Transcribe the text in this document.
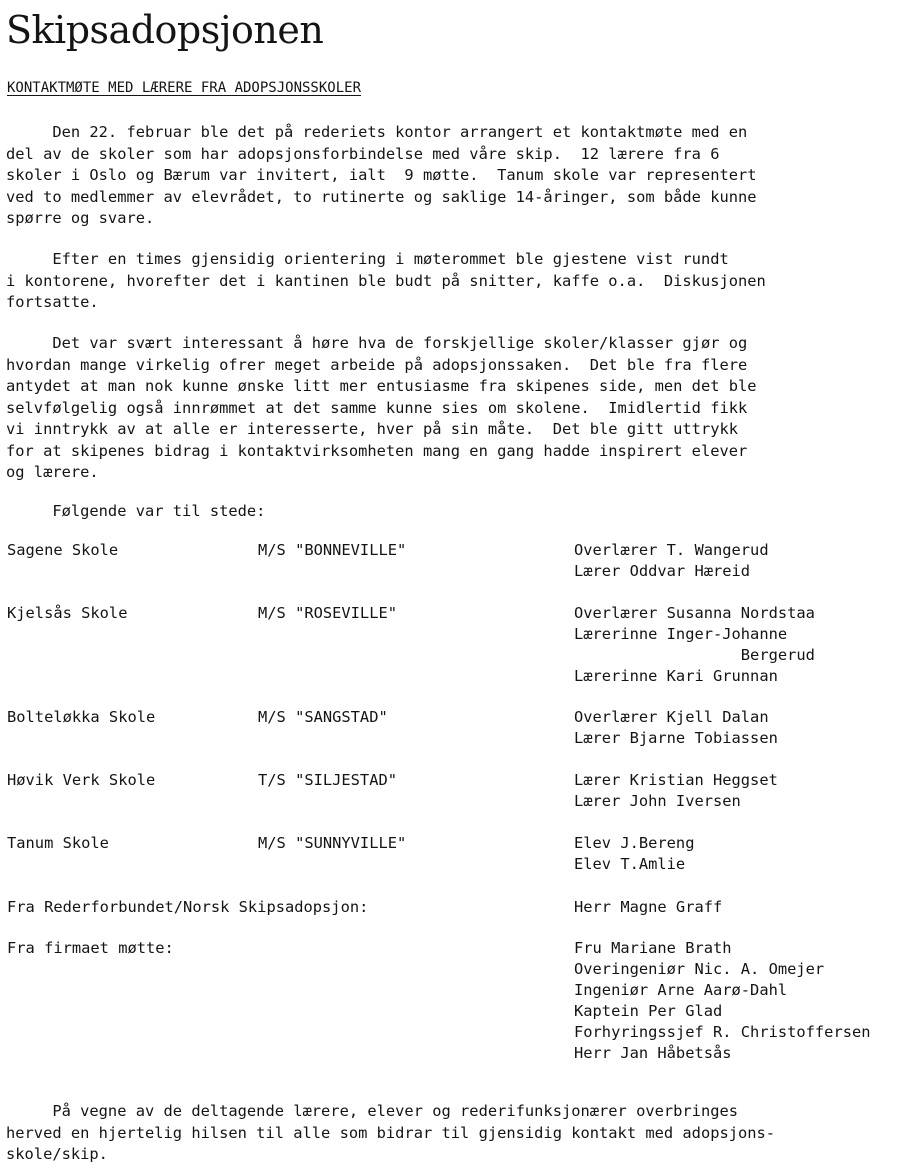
Skipsadopsjonen
KONTAKTMØTE MED LÆRERE FRA ADOPSJONSSKOLER
Den 22. februar ble det på rederiets kontor arrangert et kontaktmøte med en
del av de skoler som har adopsjonsforbindelse med våre skip.  12 lærere fra 6
skoler i Oslo og Bærum var invitert, ialt  9 møtte.  Tanum skole var representert
ved to medlemmer av elevrådet, to rutinerte og saklige 14-åringer, som både kunne
spørre og svare.
Efter en times gjensidig orientering i møterommet ble gjestene vist rundt
i kontorene, hvorefter det i kantinen ble budt på snitter, kaffe o.a.  Diskusjonen
fortsatte.
Det var svært interessant å høre hva de forskjellige skoler/klasser gjør og
hvordan mange virkelig ofrer meget arbeide på adopsjonssaken.  Det ble fra flere
antydet at man nok kunne ønske litt mer entusiasme fra skipenes side, men det ble
selvfølgelig også innrømmet at det samme kunne sies om skolene.  Imidlertid fikk
vi inntrykk av at alle er interesserte, hver på sin måte.  Det ble gitt uttrykk
for at skipenes bidrag i kontaktvirksomheten mang en gang hadde inspirert elever
og lærere.
Følgende var til stede:
Sagene Skole	M/S "BONNEVILLE"	Overlærer T. Wangerud
Lærer Oddvar Hæreid
Kjelsås Skole	M/S "ROSEVILLE"	Overlærer Susanna Nordstaa
Lærerinne Inger-Johanne
Bergerud
Lærerinne Kari Grunnan
Bolteløkka Skole	M/S "SANGSTAD"	Overlærer Kjell Dalan
Lærer Bjarne Tobiassen
Høvik Verk Skole	T/S "SILJESTAD"	Lærer Kristian Heggset
Lærer John Iversen
Tanum Skole	M/S "SUNNYVILLE"	Elev J.Bereng
Elev T.Amlie
Fra Rederforbundet/Norsk Skipsadopsjon:	Herr Magne Graff
Fra firmaet møtte:	Fru Mariane Brath
Overingeniør Nic. A. Omejer
Ingeniør Arne Aarø-Dahl
Kaptein Per Glad
Forhyringssjef R. Christoffersen
Herr Jan Håbetsås
På vegne av de deltagende lærere, elever og rederifunksjonærer overbringes
herved en hjertelig hilsen til alle som bidrar til gjensidig kontakt med adopsjons-
skole/skip.
